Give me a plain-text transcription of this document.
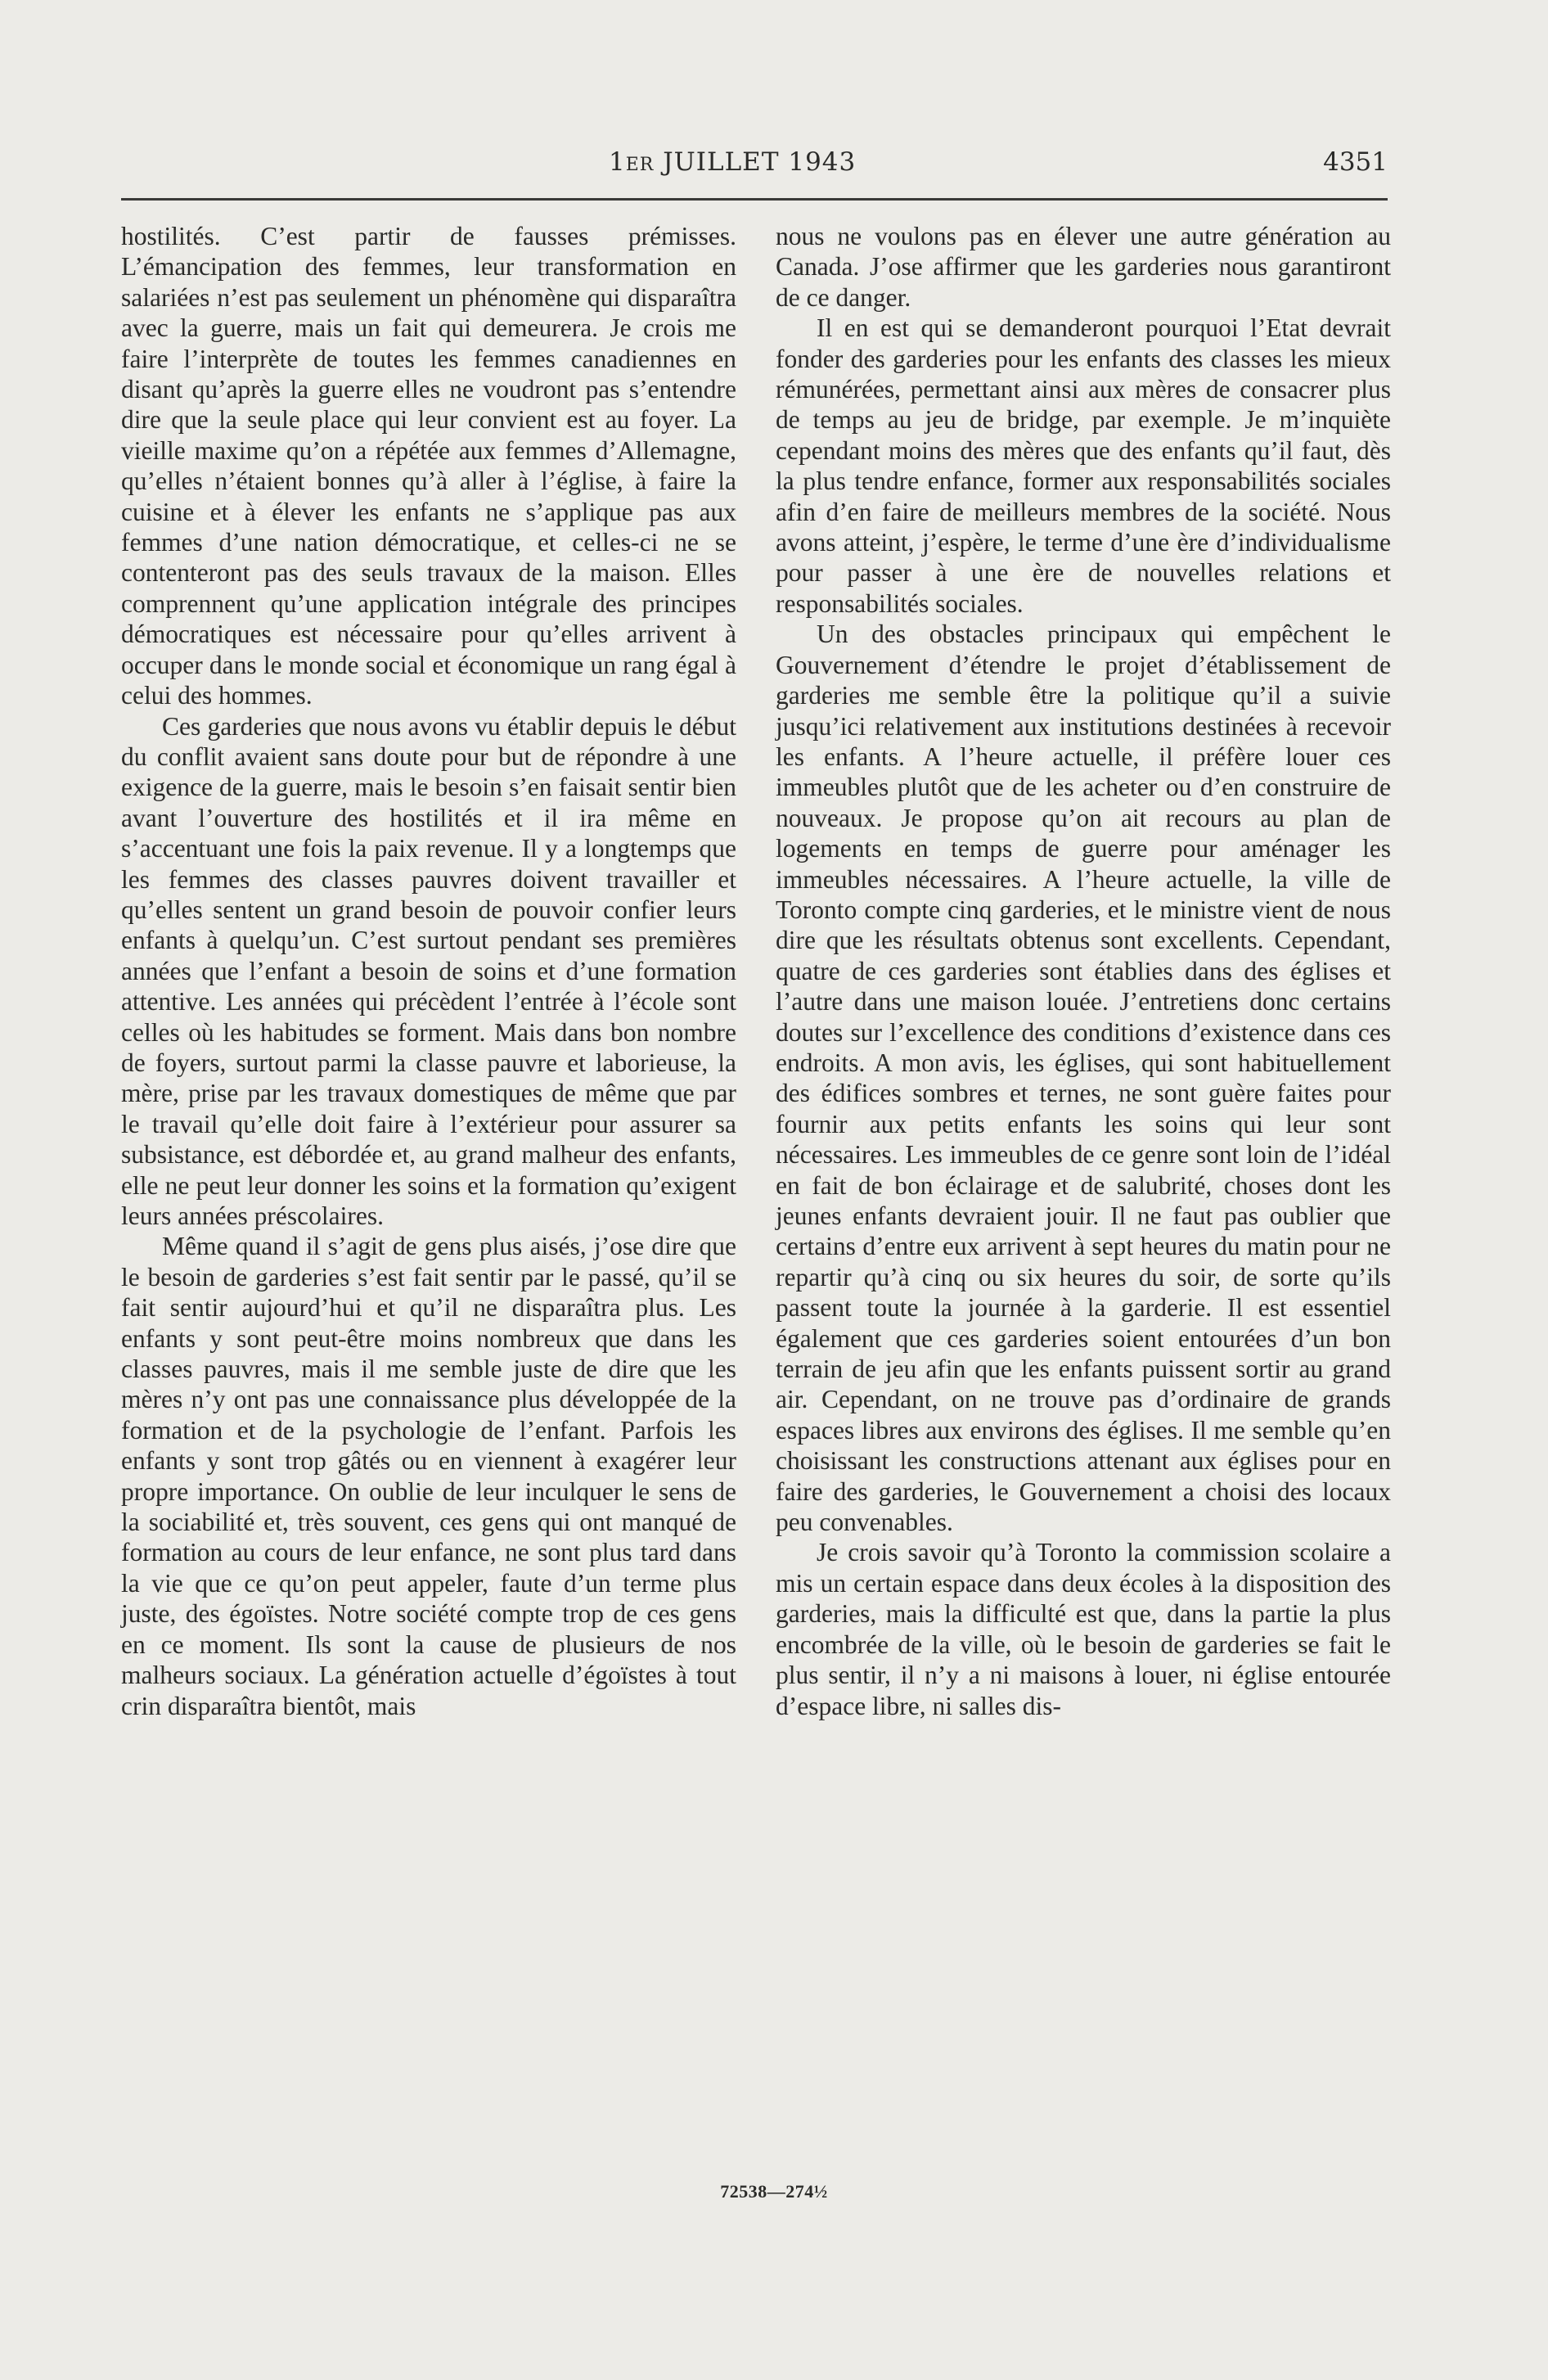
1ER JUILLET 1943	4351

hostilités. C’est partir de fausses prémisses. L’émancipation des femmes, leur transformation en salariées n’est pas seulement un phénomène qui disparaîtra avec la guerre, mais un fait qui demeurera. Je crois me faire l’interprète de toutes les femmes canadiennes en disant qu’après la guerre elles ne voudront pas s’entendre dire que la seule place qui leur convient est au foyer. La vieille maxime qu’on a répétée aux femmes d’Allemagne, qu’elles n’étaient bonnes qu’à aller à l’église, à faire la cuisine et à élever les enfants ne s’applique pas aux femmes d’une nation démocratique, et celles-ci ne se contenteront pas des seuls travaux de la maison. Elles comprennent qu’une application intégrale des principes démocratiques est nécessaire pour qu’elles arrivent à occuper dans le monde social et économique un rang égal à celui des hommes.

Ces garderies que nous avons vu établir depuis le début du conflit avaient sans doute pour but de répondre à une exigence de la guerre, mais le besoin s’en faisait sentir bien avant l’ouverture des hostilités et il ira même en s’accentuant une fois la paix revenue. Il y a longtemps que les femmes des classes pauvres doivent travailler et qu’elles sentent un grand besoin de pouvoir confier leurs enfants à quelqu’un. C’est surtout pendant ses premières années que l’enfant a besoin de soins et d’une formation attentive. Les années qui précèdent l’entrée à l’école sont celles où les habitudes se forment. Mais dans bon nombre de foyers, surtout parmi la classe pauvre et laborieuse, la mère, prise par les travaux domestiques de même que par le travail qu’elle doit faire à l’extérieur pour assurer sa subsistance, est débordée et, au grand malheur des enfants, elle ne peut leur donner les soins et la formation qu’exigent leurs années préscolaires.

Même quand il s’agit de gens plus aisés, j’ose dire que le besoin de garderies s’est fait sentir par le passé, qu’il se fait sentir aujourd’hui et qu’il ne disparaîtra plus. Les enfants y sont peut-être moins nombreux que dans les classes pauvres, mais il me semble juste de dire que les mères n’y ont pas une connaissance plus développée de la formation et de la psychologie de l’enfant. Parfois les enfants y sont trop gâtés ou en viennent à exagérer leur propre importance. On oublie de leur inculquer le sens de la sociabilité et, très souvent, ces gens qui ont manqué de formation au cours de leur enfance, ne sont plus tard dans la vie que ce qu’on peut appeler, faute d’un terme plus juste, des égoïstes. Notre société compte trop de ces gens en ce moment. Ils sont la cause de plusieurs de nos malheurs sociaux. La génération actuelle d’égoïstes à tout crin disparaîtra bientôt, mais

nous ne voulons pas en élever une autre génération au Canada. J’ose affirmer que les garderies nous garantiront de ce danger.

Il en est qui se demanderont pourquoi l’Etat devrait fonder des garderies pour les enfants des classes les mieux rémunérées, permettant ainsi aux mères de consacrer plus de temps au jeu de bridge, par exemple. Je m’inquiète cependant moins des mères que des enfants qu’il faut, dès la plus tendre enfance, former aux responsabilités sociales afin d’en faire de meilleurs membres de la société. Nous avons atteint, j’espère, le terme d’une ère d’individualisme pour passer à une ère de nouvelles relations et responsabilités sociales.

Un des obstacles principaux qui empêchent le Gouvernement d’étendre le projet d’établissement de garderies me semble être la politique qu’il a suivie jusqu’ici relativement aux institutions destinées à recevoir les enfants. A l’heure actuelle, il préfère louer ces immeubles plutôt que de les acheter ou d’en construire de nouveaux. Je propose qu’on ait recours au plan de logements en temps de guerre pour aménager les immeubles nécessaires. A l’heure actuelle, la ville de Toronto compte cinq garderies, et le ministre vient de nous dire que les résultats obtenus sont excellents. Cependant, quatre de ces garderies sont établies dans des églises et l’autre dans une maison louée. J’entretiens donc certains doutes sur l’excellence des conditions d’existence dans ces endroits. A mon avis, les églises, qui sont habituellement des édifices sombres et ternes, ne sont guère faites pour fournir aux petits enfants les soins qui leur sont nécessaires. Les immeubles de ce genre sont loin de l’idéal en fait de bon éclairage et de salubrité, choses dont les jeunes enfants devraient jouir. Il ne faut pas oublier que certains d’entre eux arrivent à sept heures du matin pour ne repartir qu’à cinq ou six heures du soir, de sorte qu’ils passent toute la journée à la garderie. Il est essentiel également que ces garderies soient entourées d’un bon terrain de jeu afin que les enfants puissent sortir au grand air. Cependant, on ne trouve pas d’ordinaire de grands espaces libres aux environs des églises. Il me semble qu’en choisissant les constructions attenant aux églises pour en faire des garderies, le Gouvernement a choisi des locaux peu convenables.

Je crois savoir qu’à Toronto la commission scolaire a mis un certain espace dans deux écoles à la disposition des garderies, mais la difficulté est que, dans la partie la plus encombrée de la ville, où le besoin de garderies se fait le plus sentir, il n’y a ni maisons à louer, ni église entourée d’espace libre, ni salles dis-

72538—274½
